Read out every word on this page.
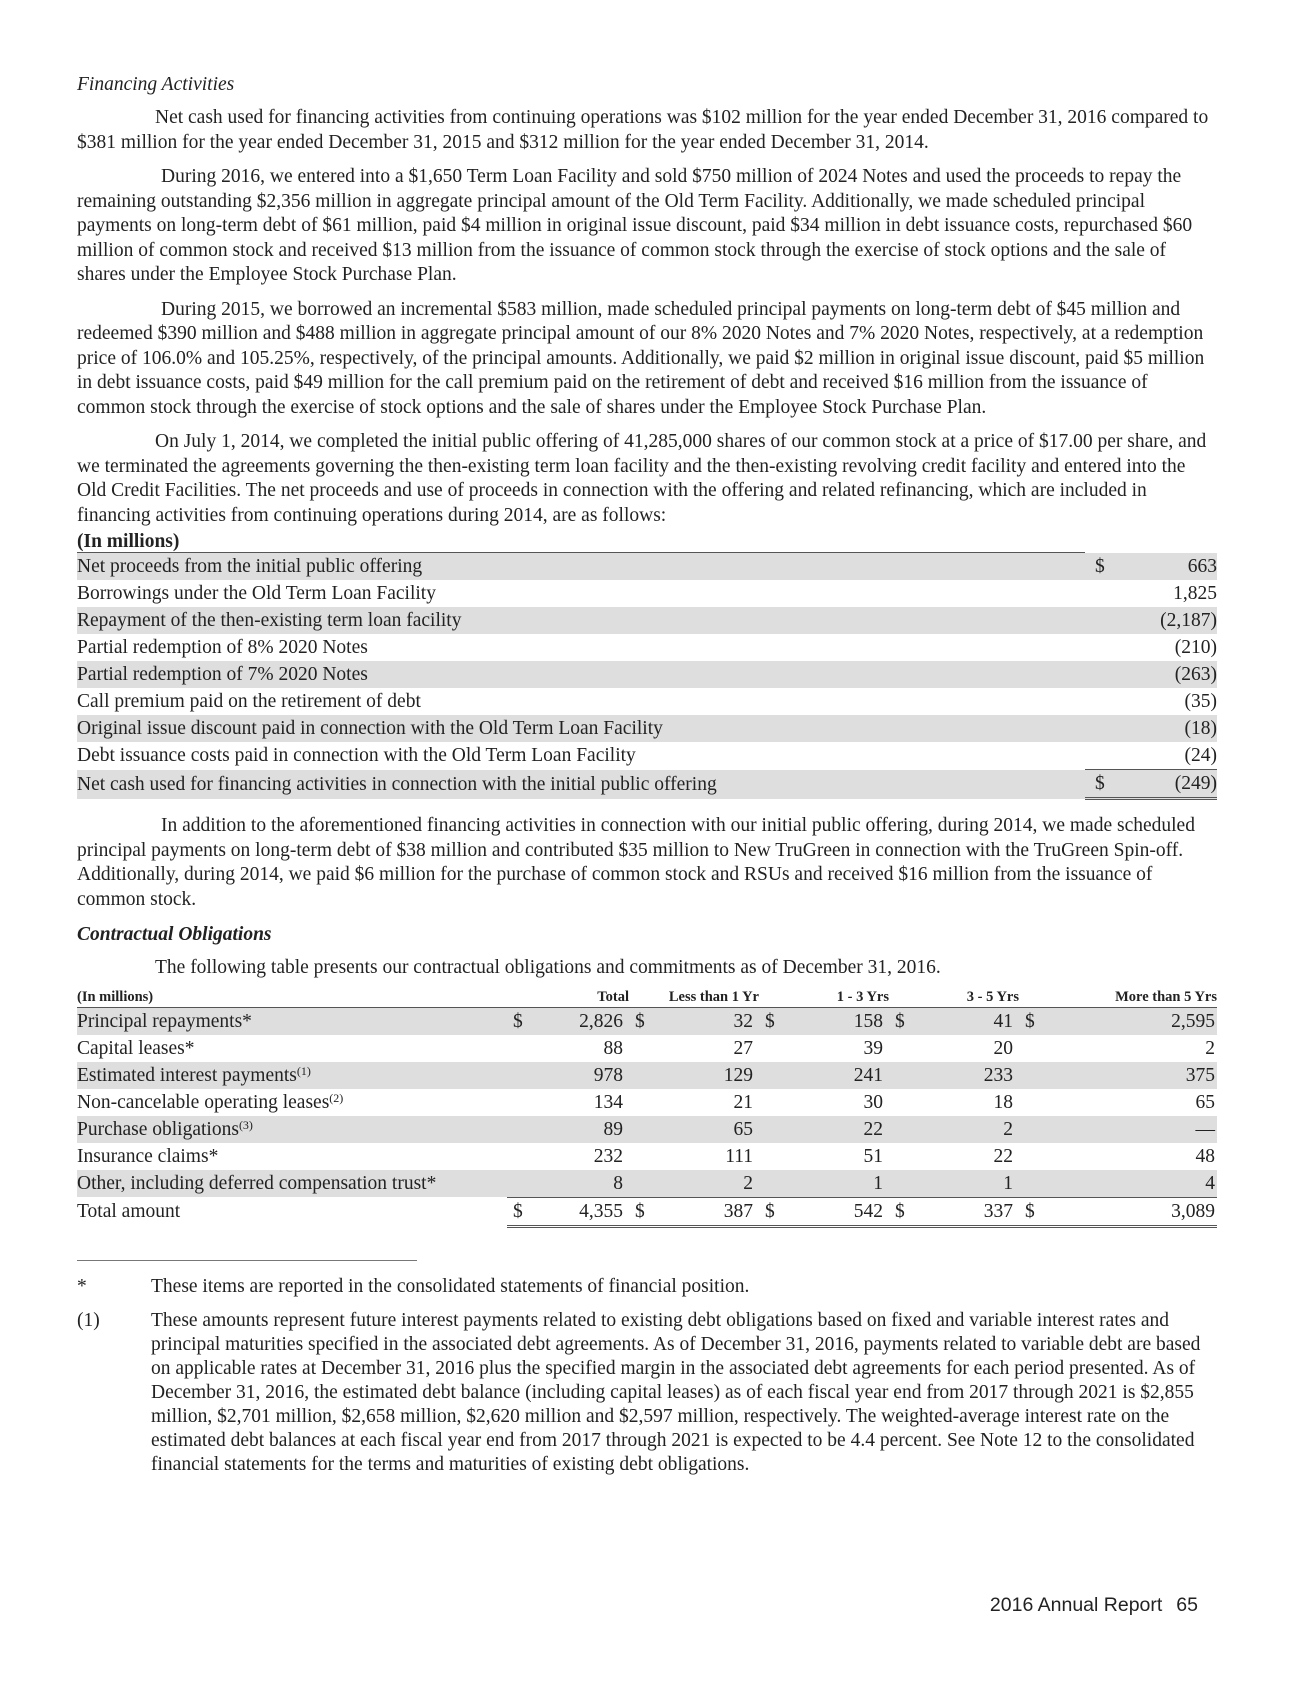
Financing Activities

Net cash used for financing activities from continuing operations was $102 million for the year ended December 31, 2016 compared to $381 million for the year ended December 31, 2015 and $312 million for the year ended December 31, 2014.

During 2016, we entered into a $1,650 Term Loan Facility and sold $750 million of 2024 Notes and used the proceeds to repay the remaining outstanding $2,356 million in aggregate principal amount of the Old Term Facility. Additionally, we made scheduled principal payments on long-term debt of $61 million, paid $4 million in original issue discount, paid $34 million in debt issuance costs, repurchased $60 million of common stock and received $13 million from the issuance of common stock through the exercise of stock options and the sale of shares under the Employee Stock Purchase Plan.

During 2015, we borrowed an incremental $583 million, made scheduled principal payments on long-term debt of $45 million and redeemed $390 million and $488 million in aggregate principal amount of our 8% 2020 Notes and 7% 2020 Notes, respectively, at a redemption price of 106.0% and 105.25%, respectively, of the principal amounts. Additionally, we paid $2 million in original issue discount, paid $5 million in debt issuance costs, paid $49 million for the call premium paid on the retirement of debt and received $16 million from the issuance of common stock through the exercise of stock options and the sale of shares under the Employee Stock Purchase Plan.

On July 1, 2014, we completed the initial public offering of 41,285,000 shares of our common stock at a price of $17.00 per share, and we terminated the agreements governing the then-existing term loan facility and the then-existing revolving credit facility and entered into the Old Credit Facilities. The net proceeds and use of proceeds in connection with the offering and related refinancing, which are included in financing activities from continuing operations during 2014, are as follows:

(In millions)		
Net proceeds from the initial public offering	$	663
Borrowings under the Old Term Loan Facility		1,825
Repayment of the then-existing term loan facility		(2,187)
Partial redemption of 8% 2020 Notes		(210)
Partial redemption of 7% 2020 Notes		(263)
Call premium paid on the retirement of debt		(35)
Original issue discount paid in connection with the Old Term Loan Facility		(18)
Debt issuance costs paid in connection with the Old Term Loan Facility		(24)
Net cash used for financing activities in connection with the initial public offering	$	(249)

In addition to the aforementioned financing activities in connection with our initial public offering, during 2014, we made scheduled principal payments on long-term debt of $38 million and contributed $35 million to New TruGreen in connection with the TruGreen Spin-off. Additionally, during 2014, we paid $6 million for the purchase of common stock and RSUs and received $16 million from the issuance of common stock.

Contractual Obligations

The following table presents our contractual obligations and commitments as of December 31, 2016.

(In millions)	Total		Less than 1 Yr		1 - 3 Yrs		3 - 5 Yrs		More than 5 Yrs	
Principal repayments*	$	2,826	$	32	$	158	$	41	$	2,595
Capital leases*		88		27		39		20		2
Estimated interest payments$^{(1)}$		978		129		241		233		375
Non-cancelable operating leases$^{(2)}$		134		21		30		18		65
Purchase obligations$^{(3)}$		89		65		22		2		—
Insurance claims*		232		111		51		22		48
Other, including deferred compensation trust*		8		2		1		1		4
Total amount	$	4,355	$	387	$	542	$	337	$	3,089
*	These items are reported in the consolidated statements of financial position.
(1)	These amounts represent future interest payments related to existing debt obligations based on fixed and variable interest rates and principal maturities specified in the associated debt agreements. As of December 31, 2016, payments related to variable debt are based on applicable rates at December 31, 2016 plus the specified margin in the associated debt agreements for each period presented. As of December 31, 2016, the estimated debt balance (including capital leases) as of each fiscal year end from 2017 through 2021 is $2,855 million, $2,701 million, $2,658 million, $2,620 million and $2,597 million, respectively. The weighted-average interest rate on the estimated debt balances at each fiscal year end from 2017 through 2021 is expected to be 4.4 percent. See Note 12 to the consolidated financial statements for the terms and maturities of existing debt obligations.
2016 Annual Report 65
